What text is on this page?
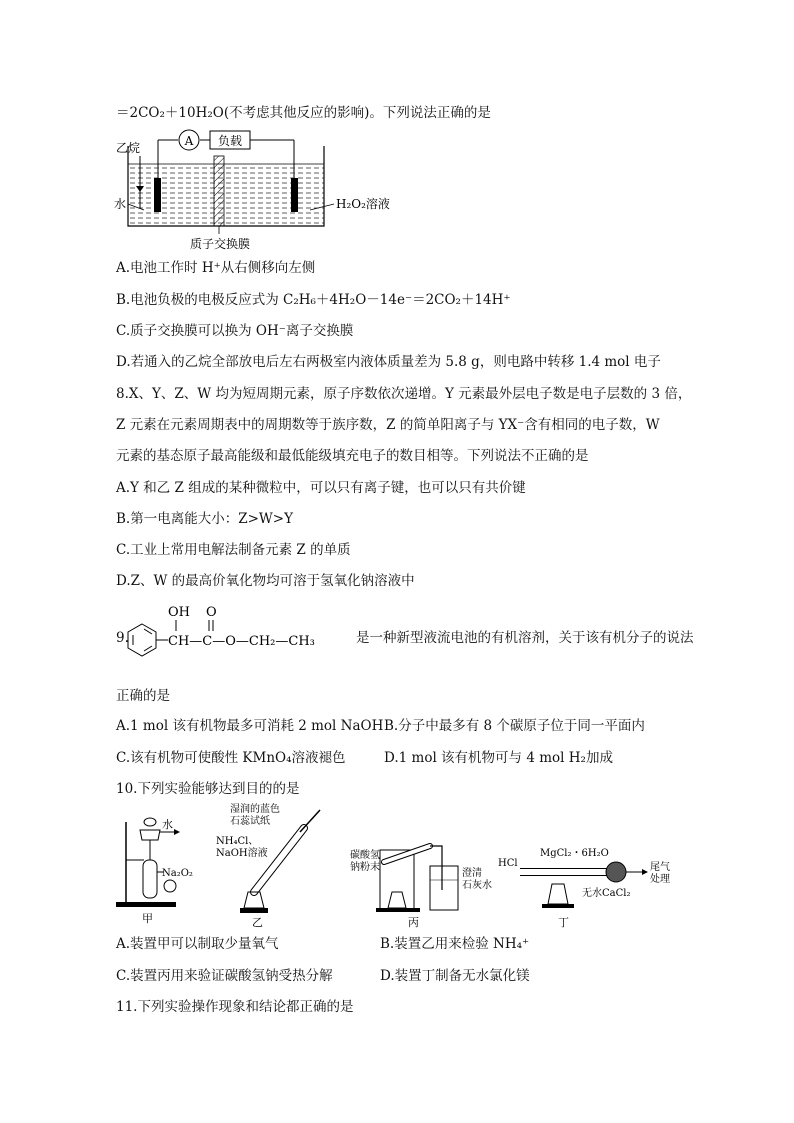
＝2CO₂＋10H₂O(不考虑其他反应的影响)。下列说法正确的是
A 负载
乙烷
水	H₂O₂溶液
质子交换膜
A.电池工作时 H⁺从右侧移向左侧
B.电池负极的电极反应式为 C₂H₆＋4H₂O－14e⁻＝2CO₂＋14H⁺
C.质子交换膜可以换为 OH⁻离子交换膜
D.若通入的乙烷全部放电后左右两极室内液体质量差为 5.8 g，则电路中转移 1.4 mol 电子
8.X、Y、Z、W 均为短周期元素，原子序数依次递增。Y 元素最外层电子数是电子层数的 3 倍，
Z 元素在元素周期表中的周期数等于族序数，Z 的简单阳离子与 YX⁻含有相同的电子数，W
元素的基态原子最高能级和最低能级填充电子的数目相等。下列说法不正确的是
A.Y 和乙 Z 组成的某种微粒中，可以只有离子键，也可以只有共价键
B.第一电离能大小：Z>W>Y
C.工业上常用电解法制备元素 Z 的单质
D.Z、W 的最高价氧化物均可溶于氢氧化钠溶液中
9.	CH—C—O—CH₂—CH₃
OH O
是一种新型液流电池的有机溶剂，关于该有机分子的说法
正确的是
A.1 mol 该有机物最多可消耗 2 mol NaOH B.分子中最多有 8 个碳原子位于同一平面内
C.该有机物可使酸性 KMnO₄溶液褪色	D.1 mol 该有机物可与 4 mol H₂加成
10.下列实验能够达到目的的是
水
Na₂O₂
甲
湿润的蓝色
石蕊试纸
NH₄Cl、
NaOH溶液
乙
碳酸氢
钠粉末
澄清
石灰水
丙
HCl
MgCl₂・6H₂O
尾气
处理
无水CaCl₂
丁
A.装置甲可以制取少量氧气	B.装置乙用来检验 NH₄⁺
C.装置丙用来验证碳酸氢钠受热分解	D.装置丁制备无水氯化镁
11.下列实验操作现象和结论都正确的是
